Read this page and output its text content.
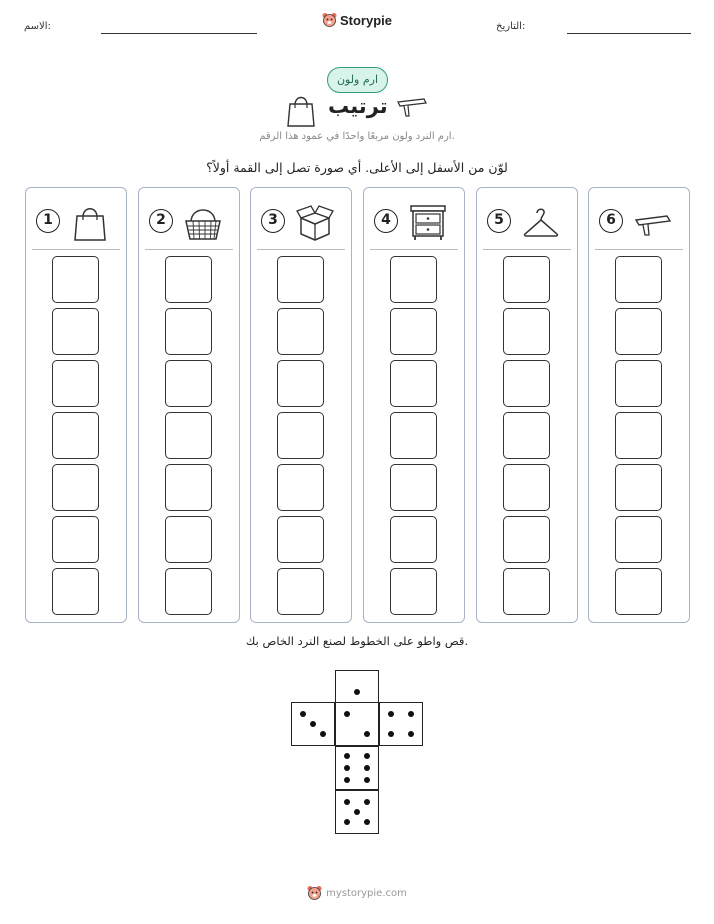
الاسم:	Storypie	التاريخ:
ارم ولون
ترتيب
ارم النرد ولون مربعًا واحدًا في عمود هذا الرقم.
لوّن من الأسفل إلى الأعلى. أي صورة تصل إلى القمة أولاً؟
1	2	3	4	5	6
قص واطو على الخطوط لصنع النرد الخاص بك.
mystorypie.com
